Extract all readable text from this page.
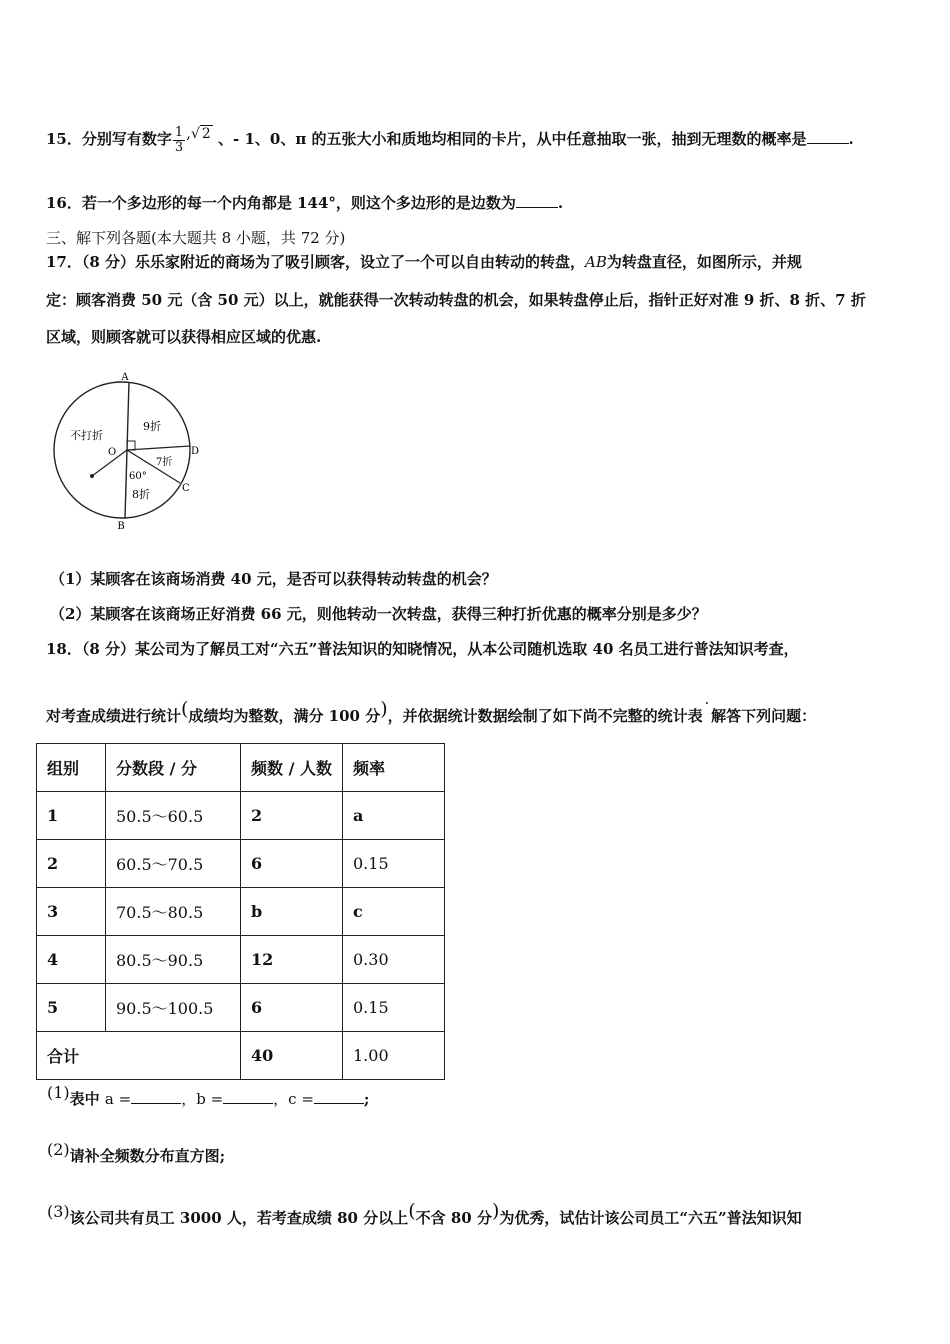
15．分别写有数字 $\frac{1}{3}$ ,√ 2 、- 1、0、π 的五张大小和质地均相同的卡片，从中任意抽取一张，抽到无理数的概率是	.
16．若一个多边形的每一个内角都是 144°，则这个多边形的是边数为	.
三、解下列各题(本大题共 8 小题，共 72 分)
17．（8 分）乐乐家附近的商场为了吸引顾客，设立了一个可以自由转动的转盘，AB为转盘直径，如图所示，并规
定：顾客消费 50 元（含 50 元）以上，就能获得一次转动转盘的机会，如果转盘停止后，指针正好对准 9 折、8 折、7 折
区域，则顾客就可以获得相应区域的优惠.
A
B
C
D
O
不打折
9折
7折
8折
60°
（1）某顾客在该商场消费 40 元，是否可以获得转动转盘的机会？
（2）某顾客在该商场正好消费 66 元，则他转动一次转盘，获得三种打折优惠的概率分别是多少？
18．（8 分）某公司为了解员工对“六五”普法知识的知晓情况，从本公司随机选取 40 名员工进行普法知识考查，
对考查成绩进行统计(成绩均为整数，满分 100 分)，并依据统计数据绘制了如下尚不完整的统计表˙解答下列问题：
组别	分数段 / 分	频数 / 人数	频率
1	50.5～60.5	2	a
2	60.5～70.5	6	0.15
3	70.5～80.5	b	c
4	80.5～90.5	12	0.30
5	90.5～100.5	6	0.15
合计		40	1.00
(1)表中 a =	，b =	，c =	;
(2)请补全频数分布直方图;
(3)该公司共有员工 3000 人，若考查成绩 80 分以上(不含 80 分)为优秀，试估计该公司员工“六五”普法知识知
